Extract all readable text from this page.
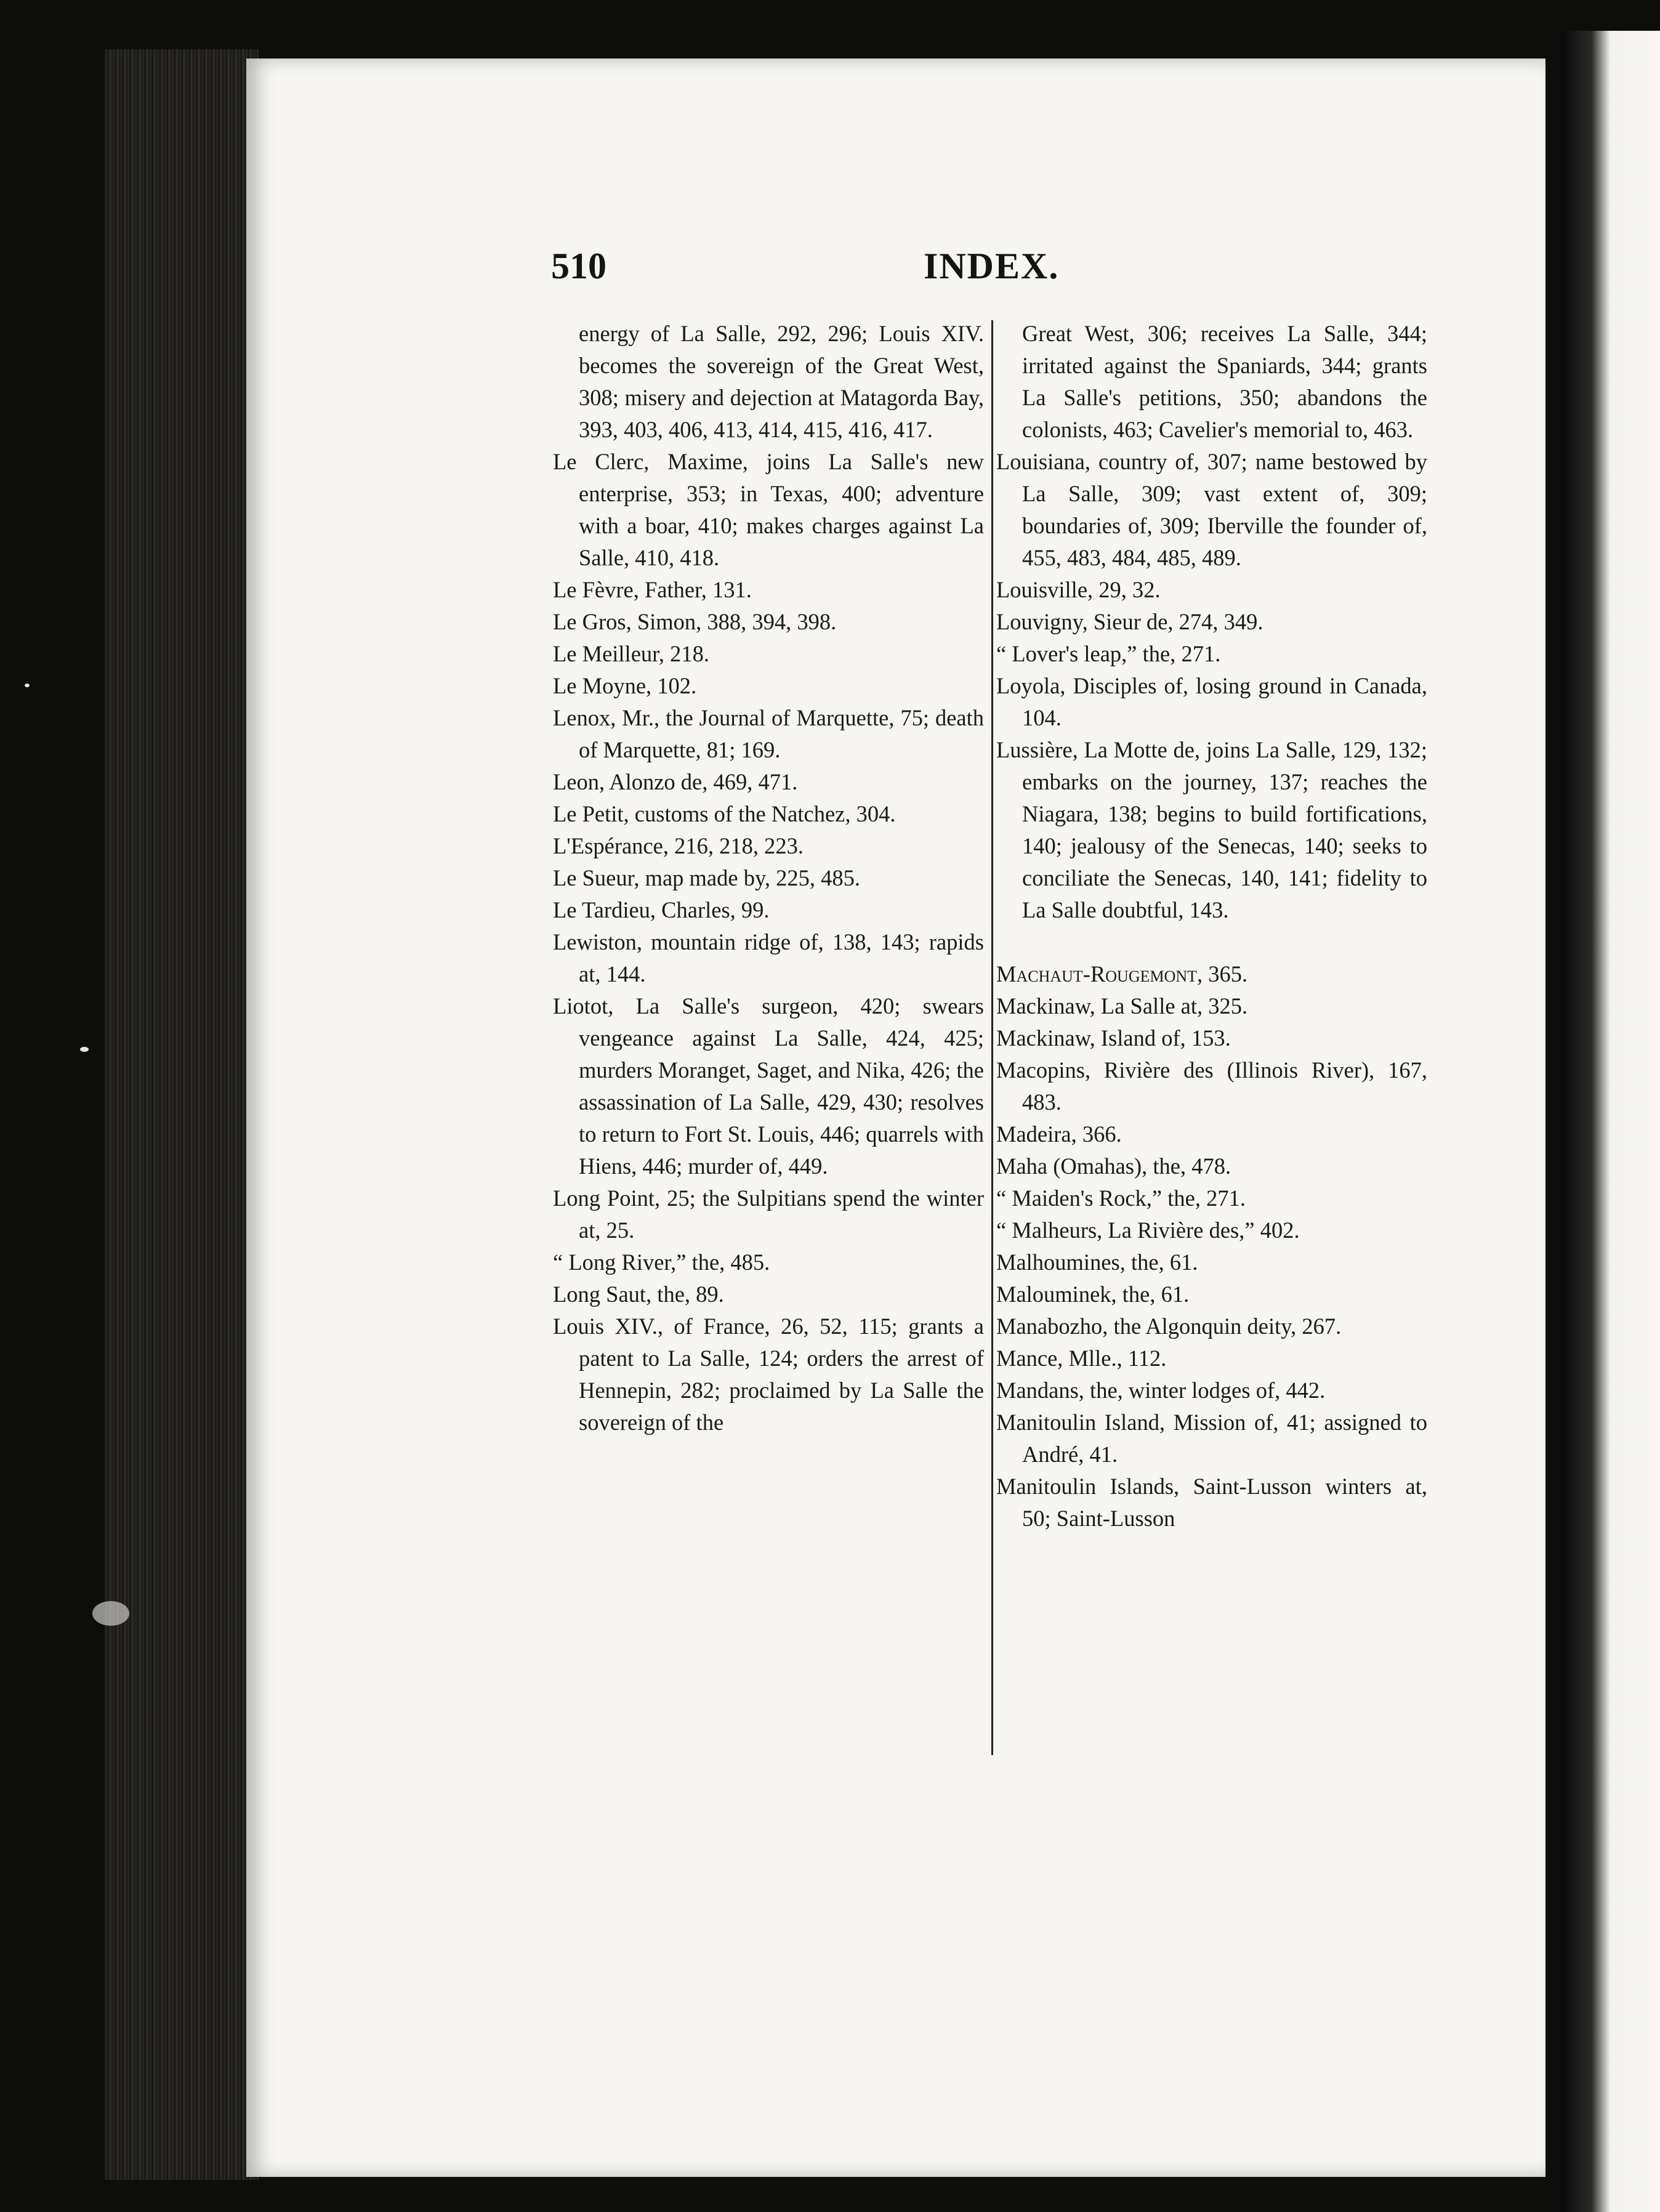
510	INDEX.

energy of La Salle, 292, 296; Louis XIV. becomes the sovereign of the Great West, 308; misery and dejection at Matagorda Bay, 393, 403, 406, 413, 414, 415, 416, 417.

Le Clerc, Maxime, joins La Salle's new enterprise, 353; in Texas, 400; adventure with a boar, 410; makes charges against La Salle, 410, 418.

Le Fèvre, Father, 131.

Le Gros, Simon, 388, 394, 398.

Le Meilleur, 218.

Le Moyne, 102.

Lenox, Mr., the Journal of Marquette, 75; death of Marquette, 81; 169.

Leon, Alonzo de, 469, 471.

Le Petit, customs of the Natchez, 304.

L'Espérance, 216, 218, 223.

Le Sueur, map made by, 225, 485.

Le Tardieu, Charles, 99.

Lewiston, mountain ridge of, 138, 143; rapids at, 144.

Liotot, La Salle's surgeon, 420; swears vengeance against La Salle, 424, 425; murders Moranget, Saget, and Nika, 426; the assassination of La Salle, 429, 430; resolves to return to Fort St. Louis, 446; quarrels with Hiens, 446; murder of, 449.

Long Point, 25; the Sulpitians spend the winter at, 25.

“ Long River,” the, 485.

Long Saut, the, 89.

Louis XIV., of France, 26, 52, 115; grants a patent to La Salle, 124; orders the arrest of Hennepin, 282; proclaimed by La Salle the sovereign of the

Great West, 306; receives La Salle, 344; irritated against the Spaniards, 344; grants La Salle's petitions, 350; abandons the colonists, 463; Cavelier's memorial to, 463.

Louisiana, country of, 307; name bestowed by La Salle, 309; vast extent of, 309; boundaries of, 309; Iberville the founder of, 455, 483, 484, 485, 489.

Louisville, 29, 32.

Louvigny, Sieur de, 274, 349.

“ Lover's leap,” the, 271.

Loyola, Disciples of, losing ground in Canada, 104.

Lussière, La Motte de, joins La Salle, 129, 132; embarks on the journey, 137; reaches the Niagara, 138; begins to build fortifications, 140; jealousy of the Senecas, 140; seeks to conciliate the Senecas, 140, 141; fidelity to La Salle doubtful, 143.

Machaut-Rougemont, 365.

Mackinaw, La Salle at, 325.

Mackinaw, Island of, 153.

Macopins, Rivière des (Illinois River), 167, 483.

Madeira, 366.

Maha (Omahas), the, 478.

“ Maiden's Rock,” the, 271.

“ Malheurs, La Rivière des,” 402.

Malhoumines, the, 61.

Malouminek, the, 61.

Manabozho, the Algonquin deity, 267.

Mance, Mlle., 112.

Mandans, the, winter lodges of, 442.

Manitoulin Island, Mission of, 41; assigned to André, 41.

Manitoulin Islands, Saint-Lusson winters at, 50; Saint-Lusson
